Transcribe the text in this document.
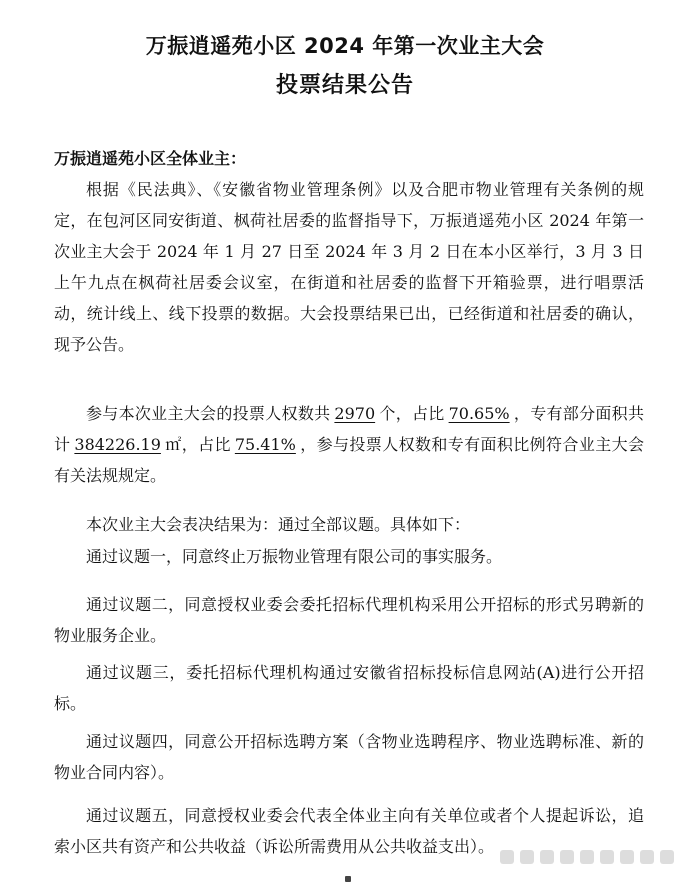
万振逍遥苑小区 2024 年第一次业主大会
投票结果公告
万振逍遥苑小区全体业主：
根据《民法典》、《安徽省物业管理条例》以及合肥市物业管理有关条例的规定，在包河区同安街道、枫荷社居委的监督指导下，万振逍遥苑小区 2024 年第一次业主大会于 2024 年 1 月 27 日至 2024 年 3 月 2 日在本小区举行，3 月 3 日上午九点在枫荷社居委会议室，在街道和社居委的监督下开箱验票，进行唱票活动，统计线上、线下投票的数据。大会投票结果已出，已经街道和社居委的确认，现予公告。
参与本次业主大会的投票人权数共 2970 个，占比 70.65% ，专有部分面积共计 384226.19 ㎡，占比 75.41% ，参与投票人权数和专有面积比例符合业主大会有关法规规定。
本次业主大会表决结果为：通过全部议题。具体如下：
通过议题一，同意终止万振物业管理有限公司的事实服务。
通过议题二，同意授权业委会委托招标代理机构采用公开招标的形式另聘新的物业服务企业。
通过议题三，委托招标代理机构通过安徽省招标投标信息网站(A)进行公开招标。
通过议题四，同意公开招标选聘方案（含物业选聘程序、物业选聘标准、新的物业合同内容）。
通过议题五，同意授权业委会代表全体业主向有关单位或者个人提起诉讼，追索小区共有资产和公共收益（诉讼所需费用从公共收益支出）。
